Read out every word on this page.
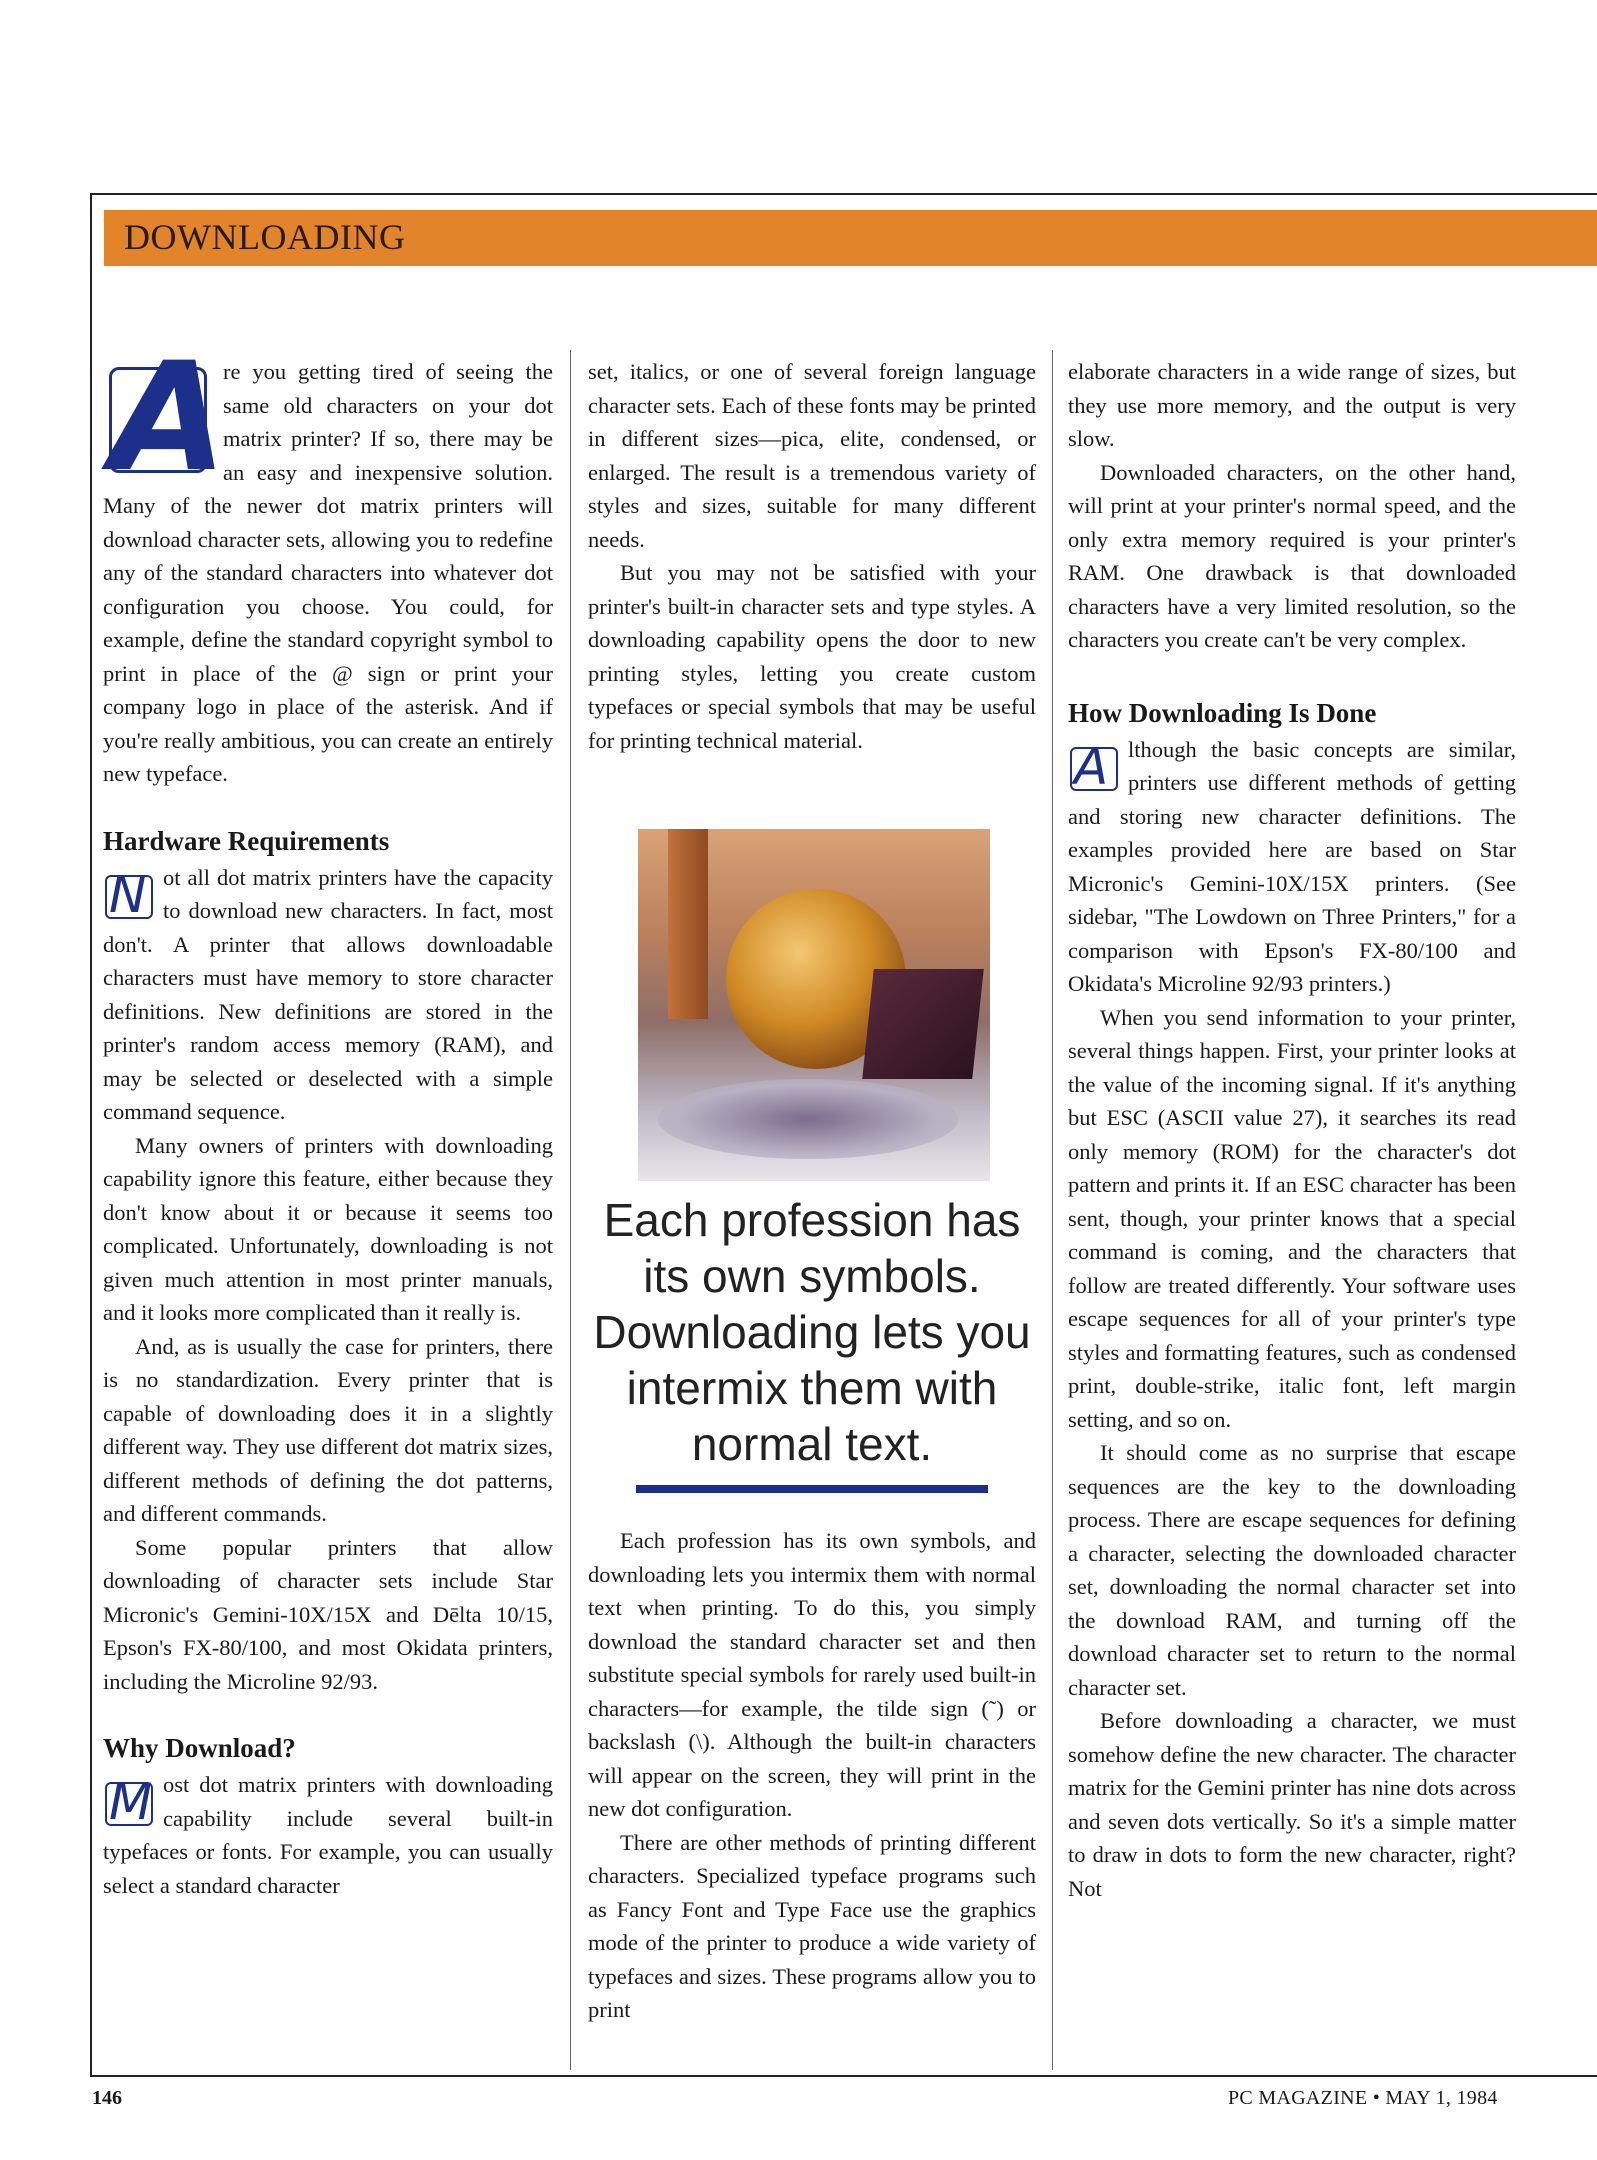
DOWNLOADING
A

re you getting tired of seeing the same old characters on your dot matrix printer? If so, there may be an easy and inexpensive solution. Many of the newer dot matrix printers will download character sets, allowing you to redefine any of the standard characters into whatever dot configuration you choose. You could, for example, define the standard copyright symbol to print in place of the @ sign or print your company logo in place of the asterisk. And if you're really ambitious, you can create an entirely new typeface.

Hardware Requirements
N ot all dot matrix printers have the capacity to download new characters. In fact, most don't. A printer that allows downloadable characters must have memory to store character definitions. New definitions are stored in the printer's random access memory (RAM), and may be selected or deselected with a simple command sequence.

Many owners of printers with downloading capability ignore this feature, either because they don't know about it or because it seems too complicated. Unfortunately, downloading is not given much attention in most printer manuals, and it looks more complicated than it really is.

And, as is usually the case for printers, there is no standardization. Every printer that is capable of downloading does it in a slightly different way. They use different dot matrix sizes, different methods of defining the dot patterns, and different commands.

Some popular printers that allow downloading of character sets include Star Micronic's Gemini-10X/15X and Dēlta 10/15, Epson's FX-80/100, and most Okidata printers, including the Microline 92/93.

Why Download?
M ost dot matrix printers with downloading capability include several built-in typefaces or fonts. For example, you can usually select a standard character

set, italics, or one of several foreign language character sets. Each of these fonts may be printed in different sizes—pica, elite, condensed, or enlarged. The result is a tremendous variety of styles and sizes, suitable for many different needs.

But you may not be satisfied with your printer's built-in character sets and type styles. A downloading capability opens the door to new printing styles, letting you create custom typefaces or special symbols that may be useful for printing technical material.

Each profession has its own symbols. Downloading lets you intermix them with normal text.

Each profession has its own symbols, and downloading lets you intermix them with normal text when printing. To do this, you simply download the standard character set and then substitute special symbols for rarely used built-in characters—for example, the tilde sign (˜) or backslash (\). Although the built-in characters will appear on the screen, they will print in the new dot configuration.

There are other methods of printing different characters. Specialized typeface programs such as Fancy Font and Type Face use the graphics mode of the printer to produce a wide variety of typefaces and sizes. These programs allow you to print

elaborate characters in a wide range of sizes, but they use more memory, and the output is very slow.

Downloaded characters, on the other hand, will print at your printer's normal speed, and the only extra memory required is your printer's RAM. One drawback is that downloaded characters have a very limited resolution, so the characters you create can't be very complex.

How Downloading Is Done
A lthough the basic concepts are similar, printers use different methods of getting and storing new character definitions. The examples provided here are based on Star Micronic's Gemini-10X/15X printers. (See sidebar, "The Lowdown on Three Printers," for a comparison with Epson's FX-80/100 and Okidata's Microline 92/93 printers.)

When you send information to your printer, several things happen. First, your printer looks at the value of the incoming signal. If it's anything but ESC (ASCII value 27), it searches its read only memory (ROM) for the character's dot pattern and prints it. If an ESC character has been sent, though, your printer knows that a special command is coming, and the characters that follow are treated differently. Your software uses escape sequences for all of your printer's type styles and formatting features, such as condensed print, double-strike, italic font, left margin setting, and so on.

It should come as no surprise that escape sequences are the key to the downloading process. There are escape sequences for defining a character, selecting the downloaded character set, downloading the normal character set into the download RAM, and turning off the download character set to return to the normal character set.

Before downloading a character, we must somehow define the new character. The character matrix for the Gemini printer has nine dots across and seven dots vertically. So it's a simple matter to draw in dots to form the new character, right? Not

146	PC MAGAZINE • MAY 1, 1984
